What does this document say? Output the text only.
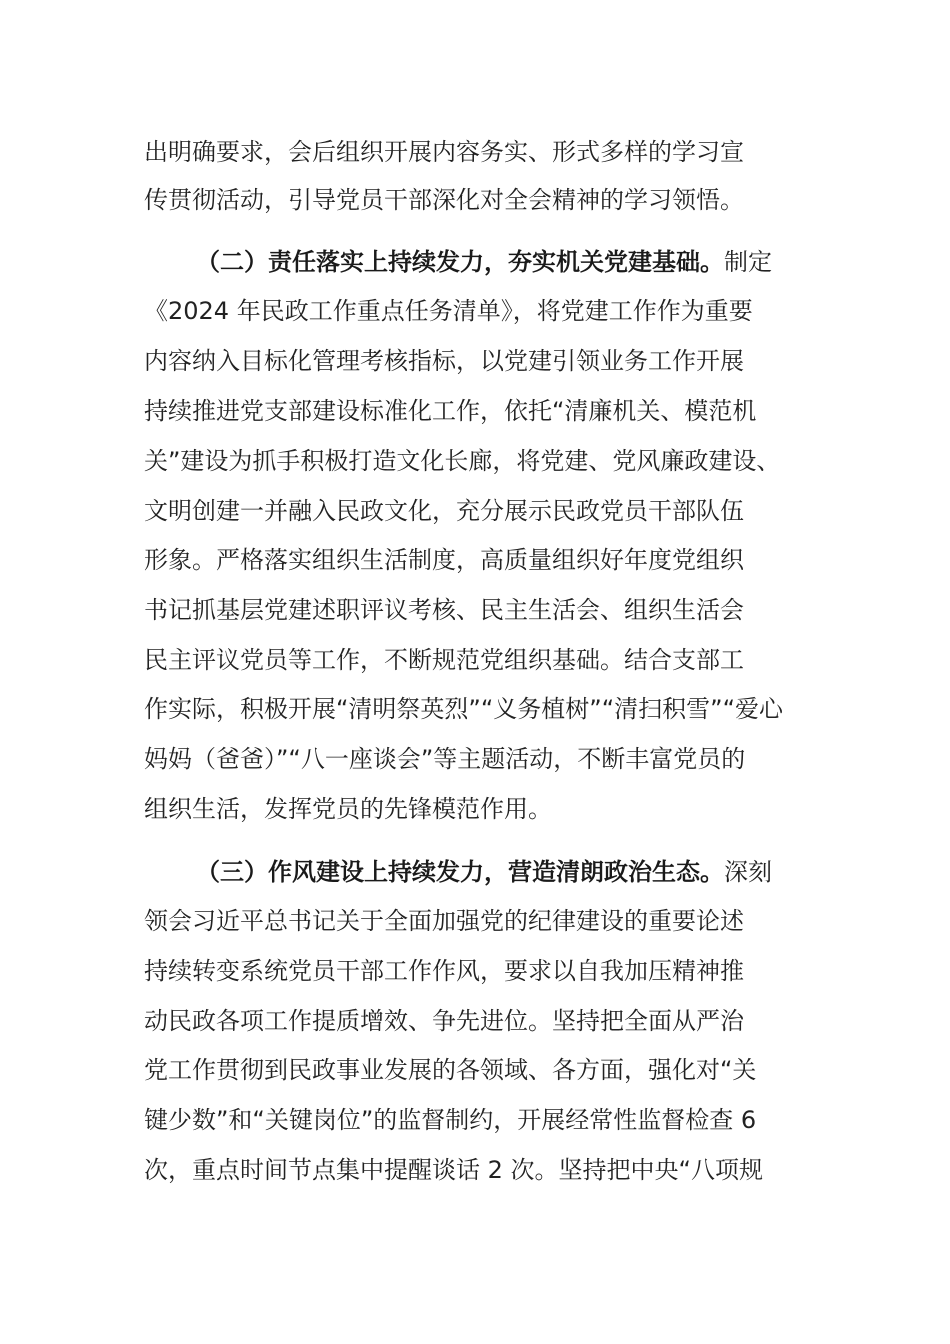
出明确要求，会后组织开展内容务实、形式多样的学习宣
传贯彻活动，引导党员干部深化对全会精神的学习领悟。
（二）责任落实上持续发力，夯实机关党建基础。制定
《2024 年民政工作重点任务清单》，将党建工作作为重要
内容纳入目标化管理考核指标，以党建引领业务工作开展
持续推进党支部建设标准化工作，依托“清廉机关、模范机
关”建设为抓手积极打造文化长廊，将党建、党风廉政建设、
文明创建一并融入民政文化，充分展示民政党员干部队伍
形象。严格落实组织生活制度，高质量组织好年度党组织
书记抓基层党建述职评议考核、民主生活会、组织生活会
民主评议党员等工作，不断规范党组织基础。结合支部工
作实际，积极开展“清明祭英烈”“义务植树”“清扫积雪”“爱心
妈妈（爸爸）”“八一座谈会”等主题活动，不断丰富党员的
组织生活，发挥党员的先锋模范作用。
（三）作风建设上持续发力，营造清朗政治生态。深刻
领会习近平总书记关于全面加强党的纪律建设的重要论述
持续转变系统党员干部工作作风，要求以自我加压精神推
动民政各项工作提质增效、争先进位。坚持把全面从严治
党工作贯彻到民政事业发展的各领域、各方面，强化对“关
键少数”和“关键岗位”的监督制约，开展经常性监督检查 6
次，重点时间节点集中提醒谈话 2 次。坚持把中央“八项规
